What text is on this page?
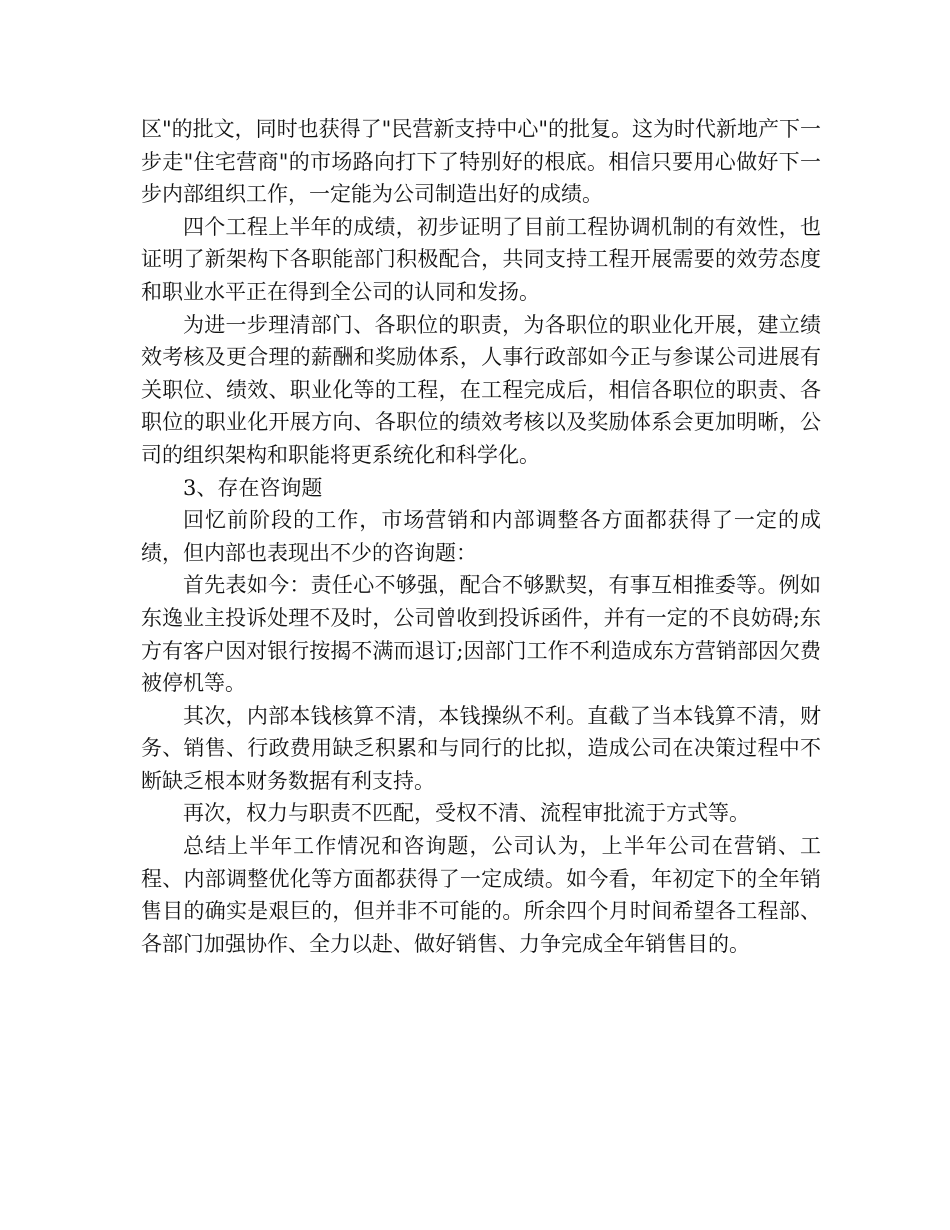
区"的批文，同时也获得了"民营新支持中心"的批复。这为时代新地产下一步走"住宅营商"的市场路向打下了特别好的根底。相信只要用心做好下一步内部组织工作，一定能为公司制造出好的成绩。

四个工程上半年的成绩，初步证明了目前工程协调机制的有效性，也证明了新架构下各职能部门积极配合，共同支持工程开展需要的效劳态度和职业水平正在得到全公司的认同和发扬。

为进一步理清部门、各职位的职责，为各职位的职业化开展，建立绩效考核及更合理的薪酬和奖励体系，人事行政部如今正与参谋公司进展有关职位、绩效、职业化等的工程，在工程完成后，相信各职位的职责、各职位的职业化开展方向、各职位的绩效考核以及奖励体系会更加明晰，公司的组织架构和职能将更系统化和科学化。

3、存在咨询题

回忆前阶段的工作，市场营销和内部调整各方面都获得了一定的成绩，但内部也表现出不少的咨询题：

首先表如今：责任心不够强，配合不够默契，有事互相推委等。例如东逸业主投诉处理不及时，公司曾收到投诉函件，并有一定的不良妨碍;东方有客户因对银行按揭不满而退订;因部门工作不利造成东方营销部因欠费被停机等。

其次，内部本钱核算不清，本钱操纵不利。直截了当本钱算不清，财务、销售、行政费用缺乏积累和与同行的比拟，造成公司在决策过程中不断缺乏根本财务数据有利支持。

再次，权力与职责不匹配，受权不清、流程审批流于方式等。

总结上半年工作情况和咨询题，公司认为，上半年公司在营销、工程、内部调整优化等方面都获得了一定成绩。如今看，年初定下的全年销售目的确实是艰巨的，但并非不可能的。所余四个月时间希望各工程部、各部门加强协作、全力以赴、做好销售、力争完成全年销售目的。
